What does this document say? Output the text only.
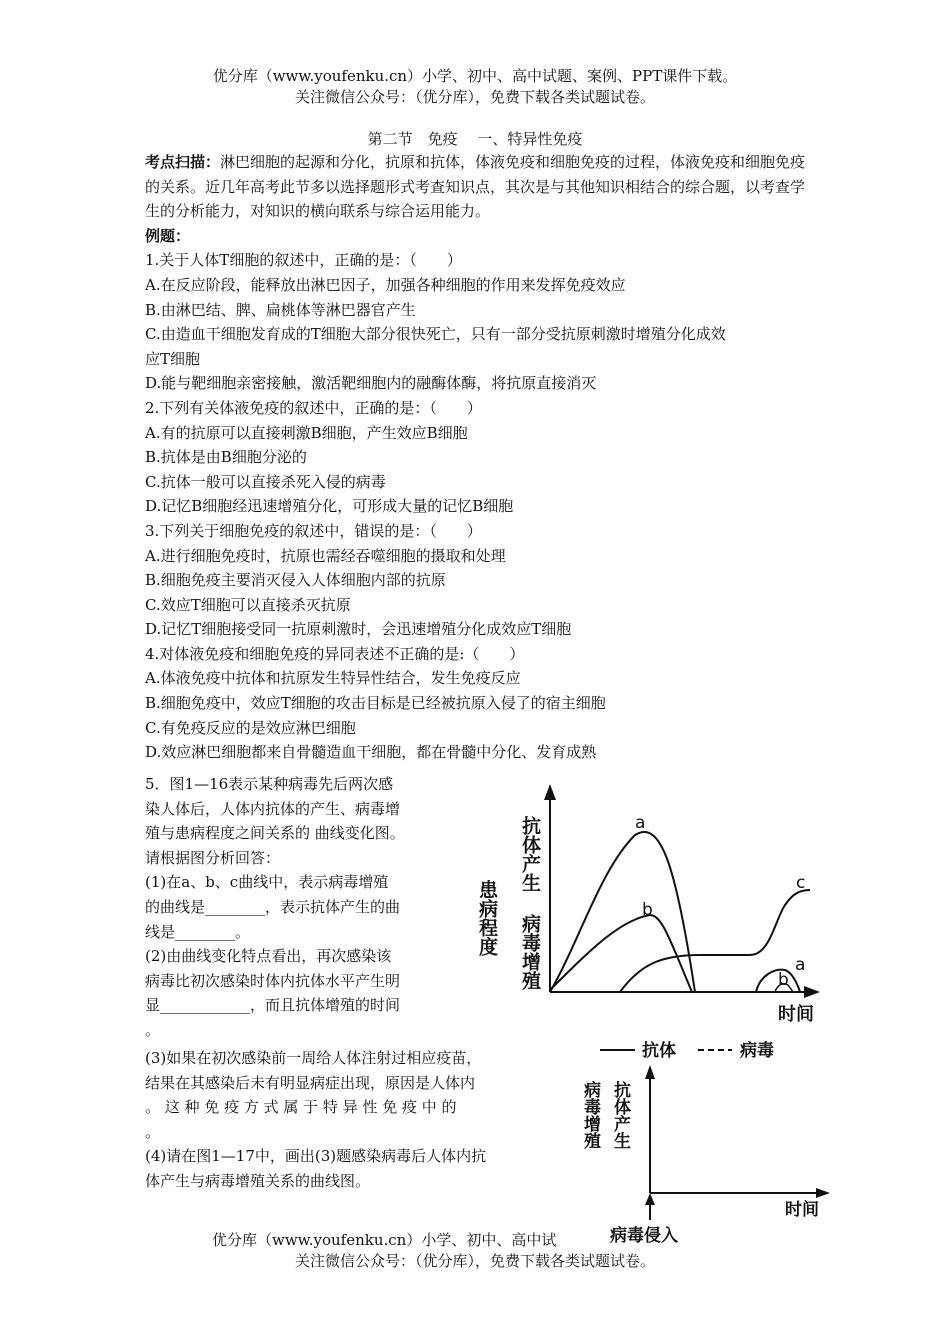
优分库（www.youfenku.cn）小学、初中、高中试题、案例、PPT课件下载。
关注微信公众号：（优分库），免费下载各类试题试卷。
第二节　免疫　 一、特异性免疫

考点扫描：淋巴细胞的起源和分化，抗原和抗体，体液免疫和细胞免疫的过程，体液免疫和细胞免疫的关系。近几年高考此节多以选择题形式考查知识点，其次是与其他知识相结合的综合题，以考查学生的分析能力，对知识的横向联系与综合运用能力。

例题：

1.关于人体T细胞的叙述中，正确的是：（　　）

A.在反应阶段，能释放出淋巴因子，加强各种细胞的作用来发挥免疫效应

B.由淋巴结、脾、扁桃体等淋巴器官产生

C.由造血干细胞发育成的T细胞大部分很快死亡，只有一部分受抗原刺激时增殖分化成效

应T细胞

D.能与靶细胞亲密接触，激活靶细胞内的融酶体酶，将抗原直接消灭

2.下列有关体液免疫的叙述中，正确的是：（　　）

A.有的抗原可以直接刺激B细胞，产生效应B细胞

B.抗体是由B细胞分泌的

C.抗体一般可以直接杀死入侵的病毒

D.记忆B细胞经迅速增殖分化，可形成大量的记忆B细胞

3.下列关于细胞免疫的叙述中，错误的是：（　　）

A.进行细胞免疫时，抗原也需经吞噬细胞的摄取和处理

B.细胞免疫主要消灭侵入人体细胞内部的抗原

C.效应T细胞可以直接杀灭抗原

D.记忆T细胞接受同一抗原刺激时，会迅速增殖分化成效应T细胞

4.对体液免疫和细胞免疫的异同表述不正确的是:（　　）

A.体液免疫中抗体和抗原发生特异性结合，发生免疫反应

B.细胞免疫中，效应T细胞的攻击目标是已经被抗原入侵了的宿主细胞

C.有免疫反应的是效应淋巴细胞

D.效应淋巴细胞都来自骨髓造血干细胞，都在骨髓中分化、发育成熟

5．图1—16表示某种病毒先后两次感

染人体后，人体内抗体的产生、病毒增

殖与患病程度之间关系的 曲线变化图。

请根据图分析回答：

(1)在a、b、c曲线中，表示病毒增殖

的曲线是________，表示抗体产生的曲

线是________。

(2)由曲线变化特点看出，再次感染该

病毒比初次感染时体内抗体水平产生明

显____________，而且抗体增殖的时间

。

(3)如果在初次感染前一周给人体注射过相应疫苗，

结果在其感染后未有明显病症出现，原因是人体内

。 这 种 免 疫 方 式 属 于 特 异 性 免 疫 中 的

。

(4)请在图1—17中，画出(3)题感染病毒后人体内抗

体产生与病毒增殖关系的曲线图。

患病程度
抗体产生
病毒增殖
时间
a
b
c
a
b
抗体	病毒
病毒增殖 抗体产生
时间
病毒侵入
优分库（www.youfenku.cn）小学、初中、高中试
关注微信公众号：（优分库），免费下载各类试题试卷。
